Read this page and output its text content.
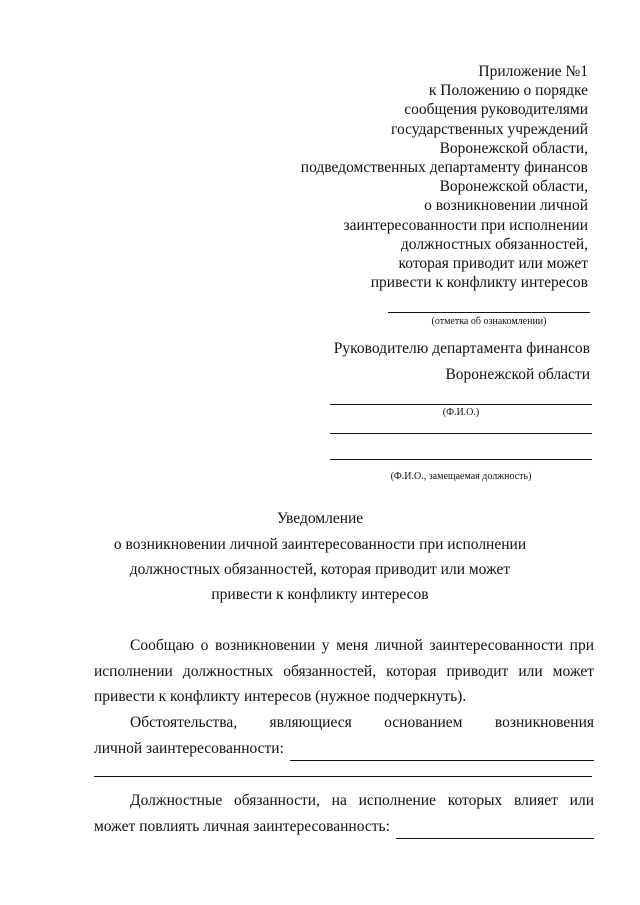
Приложение №1
к Положению о порядке
сообщения руководителями
государственных учреждений
Воронежской области,
подведомственных департаменту финансов
Воронежской области,
о возникновении личной
заинтересованности при исполнении
должностных обязанностей,
которая приводит или может
привести к конфликту интересов
(отметка об ознакомлении)
Руководителю департамента финансов
Воронежской области
(Ф.И.О.)
(Ф.И.О., замещаемая должность)
Уведомление
о возникновении личной заинтересованности при исполнении
должностных обязанностей, которая приводит или может
привести к конфликту интересов
Сообщаю о возникновении у меня личной заинтересованности при
исполнении должностных обязанностей, которая приводит или может
привести к конфликту интересов (нужное подчеркнуть).
Обстоятельства, являющиеся основанием возникновения
личной заинтересованности:
Должностные обязанности, на исполнение которых влияет или
может повлиять личная заинтересованность:
